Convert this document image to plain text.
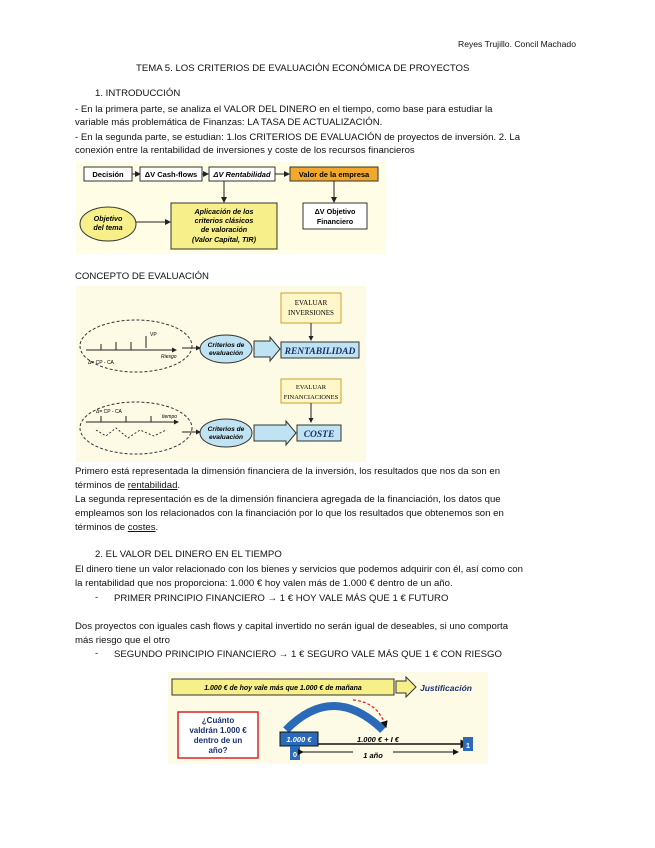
Reyes Trujillo. Concil Machado
TEMA 5. LOS CRITERIOS DE EVALUACIÓN ECONÓMICA DE PROYECTOS
1. INTRODUCCIÓN
- En la primera parte, se analiza el VALOR DEL DINERO en el tiempo, como base para estudiar la
variable más problemática de Finanzas: LA TASA DE ACTUALIZACIÓN.
- En la segunda parte, se estudian: 1.los CRITERIOS DE EVALUACIÓN de proyectos de inversión. 2. La
conexión entre la rentabilidad de inversiones y coste de los recursos financieros
Decisión	ΔV Cash-flows ΔV Rentabilidad	Valor de la empresa
Objetivo
del tema
Aplicación de los
criterios clásicos
de valoración
(Valor Capital, TIR)
ΔV Objetivo
Financiero
CONCEPTO DE EVALUACIÓN
EVALUAR
INVERSIONES
VP
Δ= CP - CA
Riesgo
Criterios de
evaluación	RENTABILIDAD
EVALUAR
FINANCIACIONES
Δ= CP - CA
tiempo
Criterios de
evaluación	COSTE
Primero está representada la dimensión financiera de la inversión, los resultados que nos da son en
términos de rentabilidad.
La segunda representación es de la dimensión financiera agregada de la financiación, los datos que
empleamos son los relacionados con la financiación por lo que los resultados que obtenemos son en
términos de costes.
2. EL VALOR DEL DINERO EN EL TIEMPO
El dinero tiene un valor relacionado con los bienes y servicios que podemos adquirir con él, así como con
la rentabilidad que nos proporciona: 1.000 € hoy valen más de 1.000 € dentro de un año.
- PRIMER PRINCIPIO FINANCIERO → 1 € HOY VALE MÁS QUE 1 € FUTURO
Dos proyectos con iguales cash flows y capital invertido no serán igual de deseables, si uno comporta
más riesgo que el otro
- SEGUNDO PRINCIPIO FINANCIERO → 1 € SEGURO VALE MÁS QUE 1 € CON RIESGO
1.000 € de hoy vale más que 1.000 € de mañana	Justificación
¿Cuánto
valdrán 1.000 €
dentro de un
año?
1.000 €	1.000 € + I €
0
1
1 año
